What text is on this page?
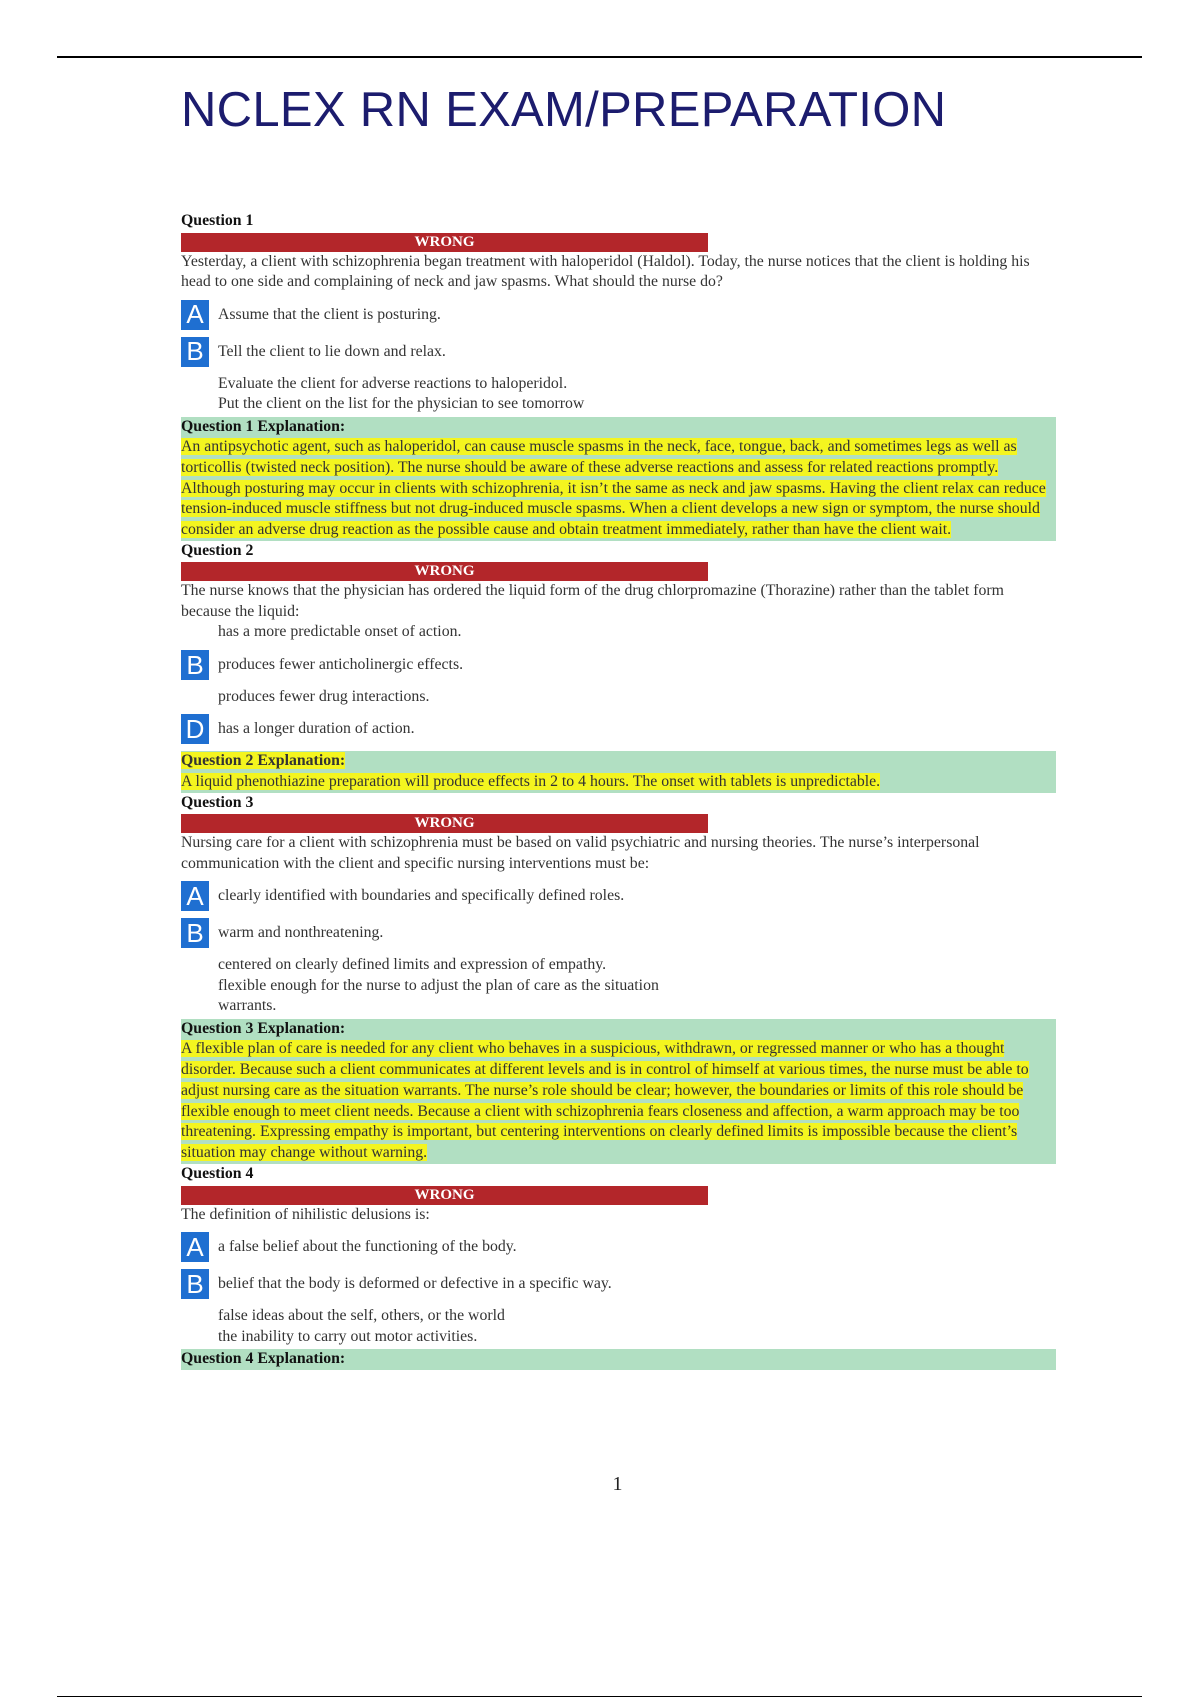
NCLEX RN EXAM/PREPARATION
Question 1
WRONG
Yesterday, a client with schizophrenia began treatment with haloperidol (Haldol). Today, the nurse notices that the client is holding his head to one side and complaining of neck and jaw spasms. What should the nurse do?
A Assume that the client is posturing.
B Tell the client to lie down and relax.
Evaluate the client for adverse reactions to haloperidol.
Put the client on the list for the physician to see tomorrow
Question 1 Explanation:
An antipsychotic agent, such as haloperidol, can cause muscle spasms in the neck, face, tongue, back, and sometimes legs as well as torticollis (twisted neck position). The nurse should be aware of these adverse reactions and assess for related reactions promptly. Although posturing may occur in clients with schizophrenia, it isn’t the same as neck and jaw spasms. Having the client relax can reduce tension-induced muscle stiffness but not drug-induced muscle spasms. When a client develops a new sign or symptom, the nurse should consider an adverse drug reaction as the possible cause and obtain treatment immediately, rather than have the client wait.
Question 2
WRONG
The nurse knows that the physician has ordered the liquid form of the drug chlorpromazine (Thorazine) rather than the tablet form because the liquid:
has a more predictable onset of action.
B produces fewer anticholinergic effects.
produces fewer drug interactions.
D has a longer duration of action.
Question 2 Explanation:
A liquid phenothiazine preparation will produce effects in 2 to 4 hours. The onset with tablets is unpredictable.
Question 3
WRONG
Nursing care for a client with schizophrenia must be based on valid psychiatric and nursing theories. The nurse’s interpersonal communication with the client and specific nursing interventions must be:
A clearly identified with boundaries and specifically defined roles.
B warm and nonthreatening.
centered on clearly defined limits and expression of empathy.
flexible enough for the nurse to adjust the plan of care as the situation warrants.
Question 3 Explanation:
A flexible plan of care is needed for any client who behaves in a suspicious, withdrawn, or regressed manner or who has a thought disorder. Because such a client communicates at different levels and is in control of himself at various times, the nurse must be able to adjust nursing care as the situation warrants. The nurse’s role should be clear; however, the boundaries or limits of this role should be flexible enough to meet client needs. Because a client with schizophrenia fears closeness and affection, a warm approach may be too threatening. Expressing empathy is important, but centering interventions on clearly defined limits is impossible because the client’s situation may change without warning.
Question 4
WRONG
The definition of nihilistic delusions is:
A a false belief about the functioning of the body.
B belief that the body is deformed or defective in a specific way.
false ideas about the self, others, or the world
the inability to carry out motor activities.
Question 4 Explanation:
1
